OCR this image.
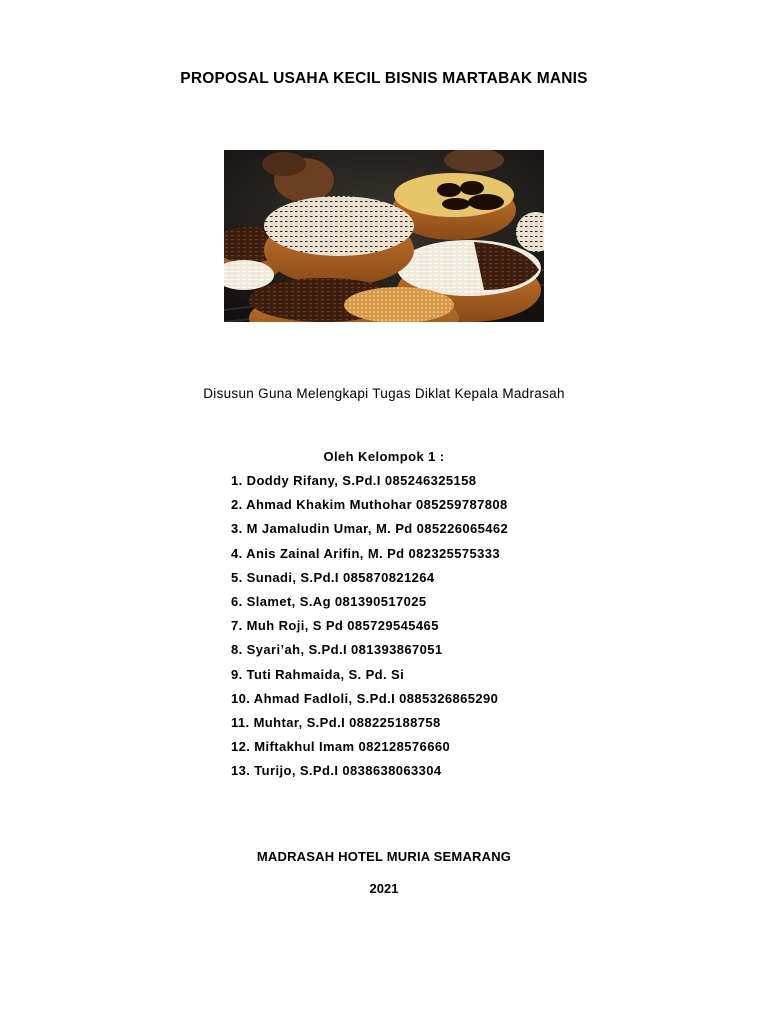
PROPOSAL USAHA KECIL BISNIS MARTABAK MANIS
Disusun Guna Melengkapi Tugas Diklat Kepala Madrasah
Oleh Kelompok 1 :
1. Doddy Rifany, S.Pd.I 085246325158
2. Ahmad Khakim Muthohar 085259787808
3. M Jamaludin Umar, M. Pd 085226065462
4. Anis Zainal Arifin, M. Pd 082325575333
5. Sunadi, S.Pd.I 085870821264
6. Slamet, S.Ag 081390517025
7. Muh Roji, S Pd 085729545465
8. Syari’ah, S.Pd.I 081393867051
9. Tuti Rahmaida, S. Pd. Si
10. Ahmad Fadloli, S.Pd.I 0885326865290
11. Muhtar, S.Pd.I 088225188758
12. Miftakhul Imam 082128576660
13. Turijo, S.Pd.I 0838638063304
MADRASAH HOTEL MURIA SEMARANG
2021
